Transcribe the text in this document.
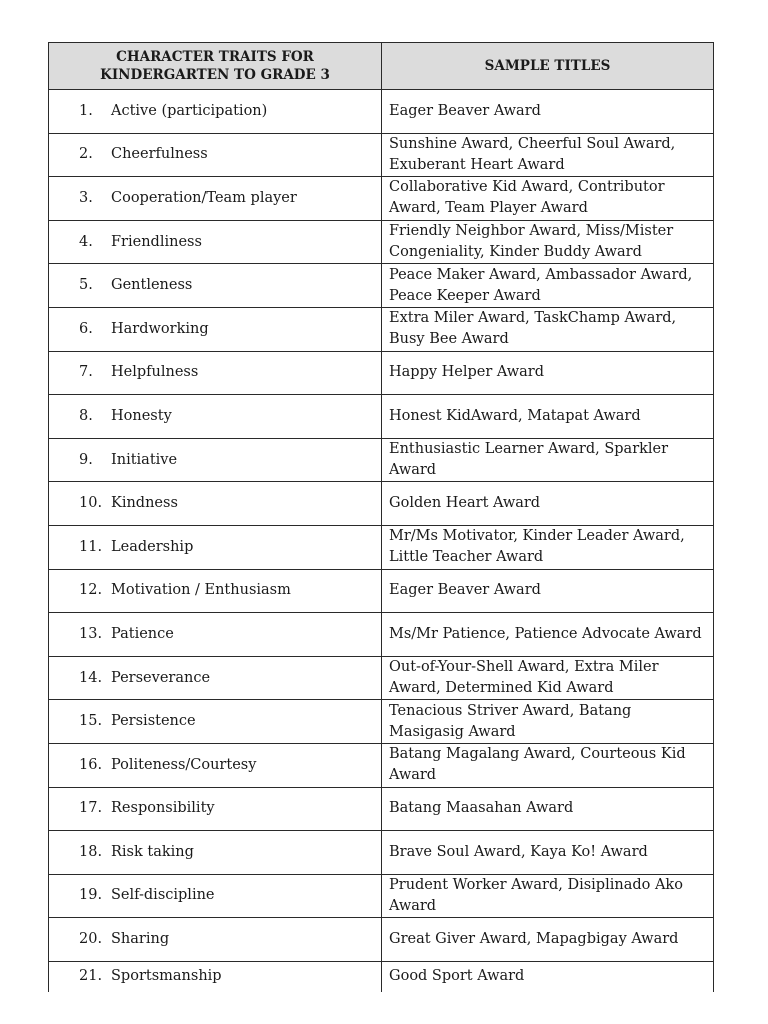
CHARACTER TRAITS FOR
KINDERGARTEN TO GRADE 3	SAMPLE TITLES
1. Active (participation)	Eager Beaver Award
2. Cheerfulness	Sunshine Award, Cheerful Soul Award, Exuberant Heart Award
3. Cooperation/Team player	Collaborative Kid Award, Contributor Award, Team Player Award
4. Friendliness	Friendly Neighbor Award, Miss/Mister Congeniality, Kinder Buddy Award
5. Gentleness	Peace Maker Award, Ambassador Award, Peace Keeper Award
6. Hardworking	Extra Miler Award, TaskChamp Award, Busy Bee Award
7. Helpfulness	Happy Helper Award
8. Honesty	Honest KidAward, Matapat Award
9. Initiative	Enthusiastic Learner Award, Sparkler Award
10. Kindness	Golden Heart Award
11. Leadership	Mr/Ms Motivator, Kinder Leader Award, Little Teacher Award
12. Motivation / Enthusiasm	Eager Beaver Award
13. Patience	Ms/Mr Patience, Patience Advocate Award
14. Perseverance	Out-of-Your-Shell Award, Extra Miler Award, Determined Kid Award
15. Persistence	Tenacious Striver Award, Batang Masigasig Award
16. Politeness/Courtesy	Batang Magalang Award, Courteous Kid Award
17. Responsibility	Batang Maasahan Award
18. Risk taking	Brave Soul Award, Kaya Ko! Award
19. Self-discipline	Prudent Worker Award, Disiplinado Ako Award
20. Sharing	Great Giver Award, Mapagbigay Award
21. Sportsmanship	Good Sport Award
